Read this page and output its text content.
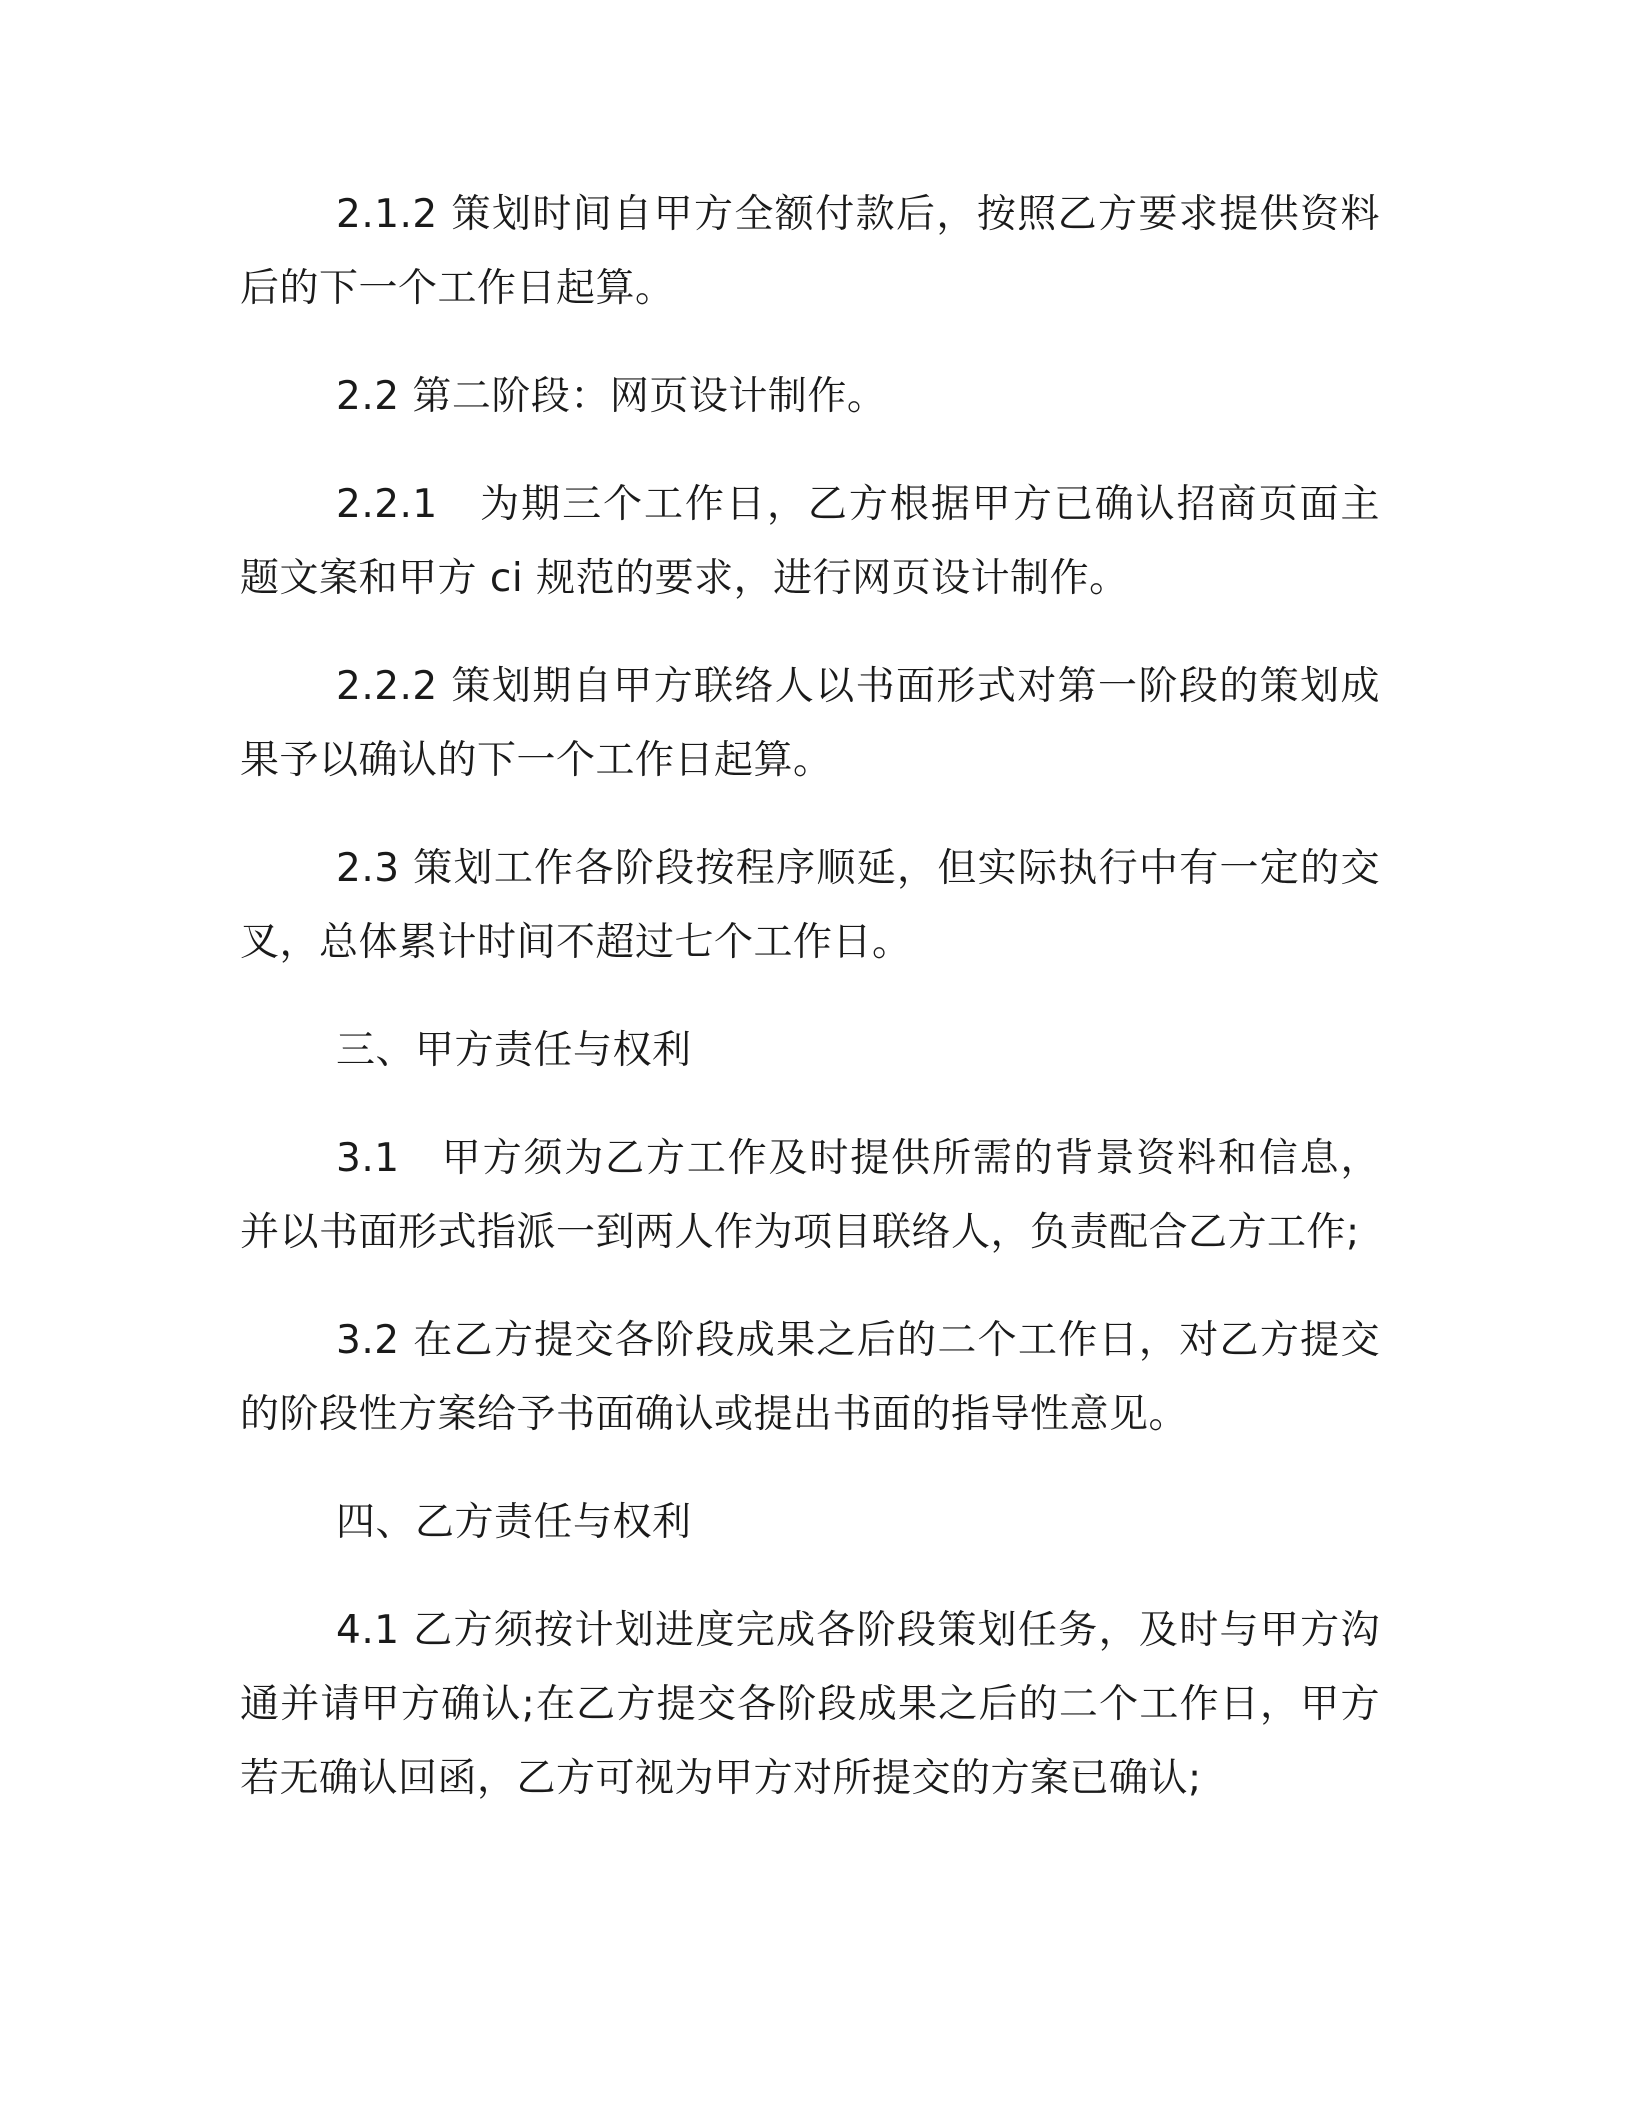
2.1.2 策划时间自甲方全额付款后，按照乙方要求提供资料后的下一个工作日起算。

2.2 第二阶段：网页设计制作。

2.2.1　为期三个工作日，乙方根据甲方已确认招商页面主题文案和甲方 ci 规范的要求，进行网页设计制作。

2.2.2 策划期自甲方联络人以书面形式对第一阶段的策划成果予以确认的下一个工作日起算。

2.3 策划工作各阶段按程序顺延，但实际执行中有一定的交叉，总体累计时间不超过七个工作日。

三、甲方责任与权利

3.1　甲方须为乙方工作及时提供所需的背景资料和信息，并以书面形式指派一到两人作为项目联络人，负责配合乙方工作;

3.2 在乙方提交各阶段成果之后的二个工作日，对乙方提交的阶段性方案给予书面确认或提出书面的指导性意见。

四、乙方责任与权利

4.1 乙方须按计划进度完成各阶段策划任务，及时与甲方沟通并请甲方确认;在乙方提交各阶段成果之后的二个工作日，甲方若无确认回函，乙方可视为甲方对所提交的方案已确认;
